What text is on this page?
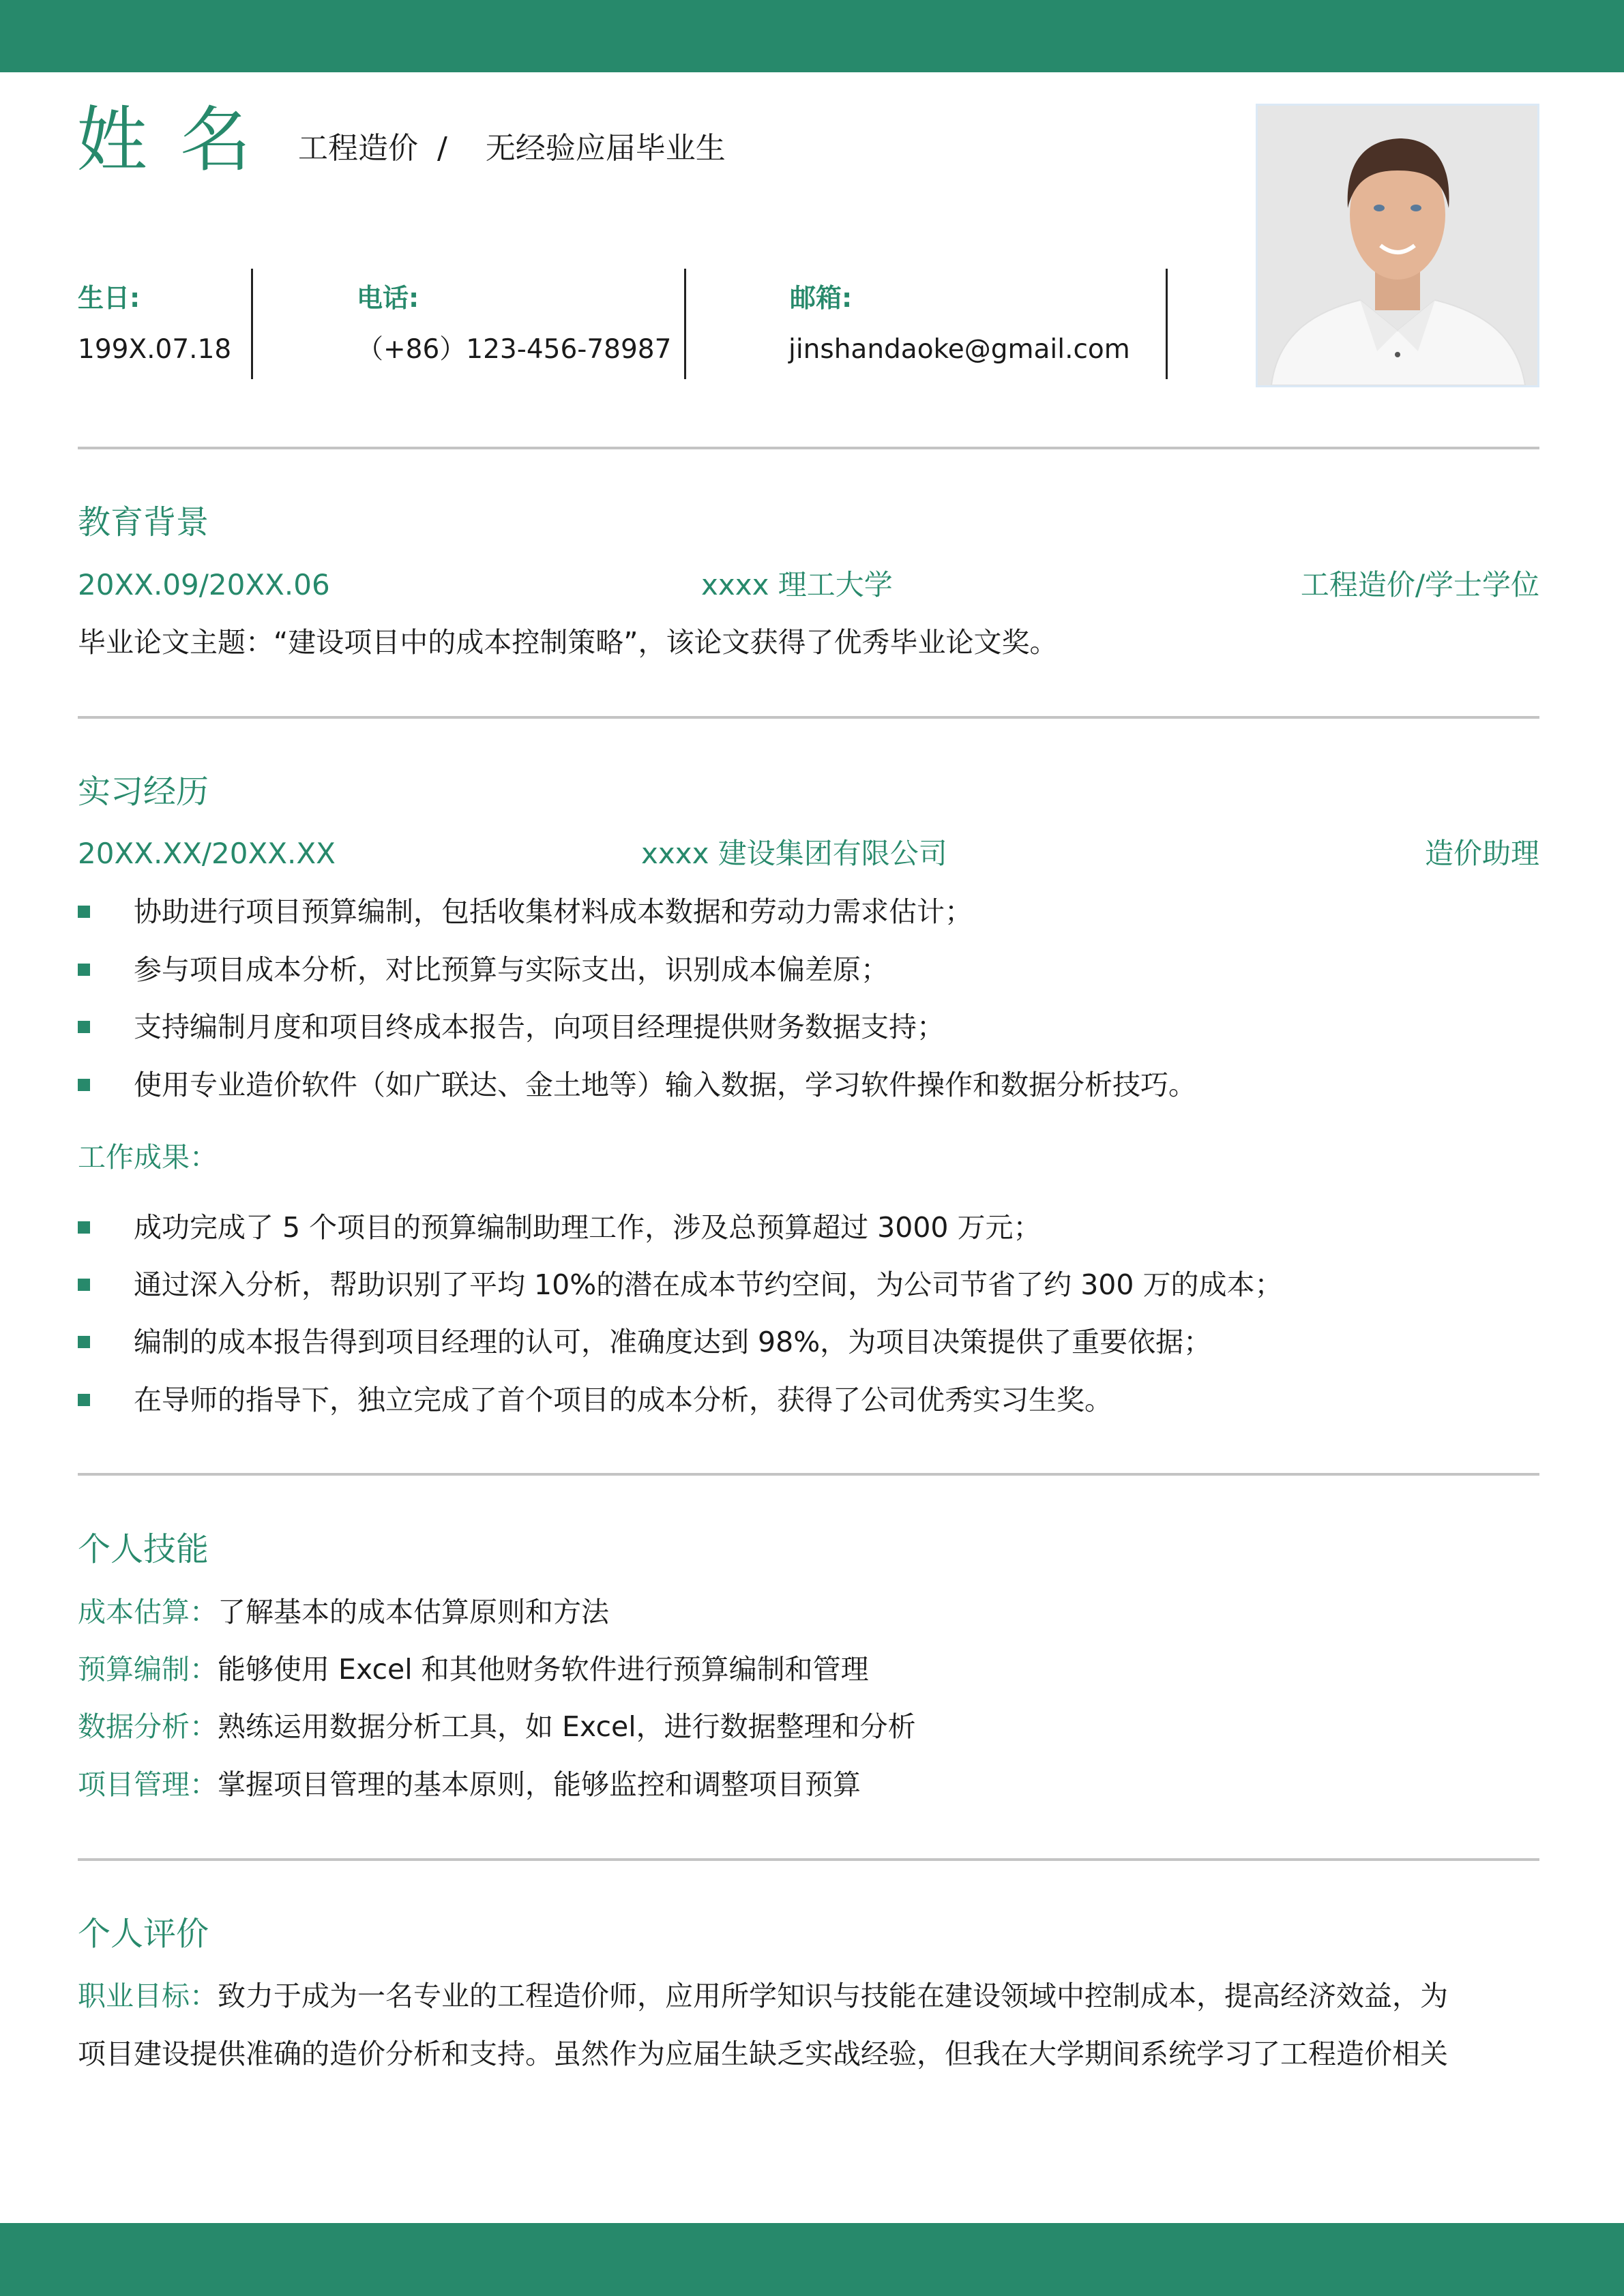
姓名 工程造价  /    无经验应届毕业生
生日:
199X.07.18
电话:
（+86）123-456-78987
邮箱:
jinshandaoke@gmail.com
教育背景
20XX.09/20XX.06	xxxx 理工大学	工程造价/学士学位
毕业论文主题：“建设项目中的成本控制策略”，该论文获得了优秀毕业论文奖。
实习经历
20XX.XX/20XX.XX	xxxx 建设集团有限公司	造价助理
协助进行项目预算编制，包括收集材料成本数据和劳动力需求估计；
参与项目成本分析，对比预算与实际支出，识别成本偏差原；
支持编制月度和项目终成本报告，向项目经理提供财务数据支持；
使用专业造价软件（如广联达、金土地等）输入数据，学习软件操作和数据分析技巧。
工作成果：
成功完成了 5 个项目的预算编制助理工作，涉及总预算超过 3000 万元；
通过深入分析，帮助识别了平均 10%的潜在成本节约空间，为公司节省了约 300 万的成本；
编制的成本报告得到项目经理的认可，准确度达到 98%，为项目决策提供了重要依据；
在导师的指导下，独立完成了首个项目的成本分析，获得了公司优秀实习生奖。
个人技能
成本估算：了解基本的成本估算原则和方法
预算编制：能够使用 Excel 和其他财务软件进行预算编制和管理
数据分析：熟练运用数据分析工具，如 Excel，进行数据整理和分析
项目管理：掌握项目管理的基本原则，能够监控和调整项目预算
个人评价
职业目标：致力于成为一名专业的工程造价师，应用所学知识与技能在建设领域中控制成本，提高经济效益，为
项目建设提供准确的造价分析和支持。虽然作为应届生缺乏实战经验，但我在大学期间系统学习了工程造价相关
